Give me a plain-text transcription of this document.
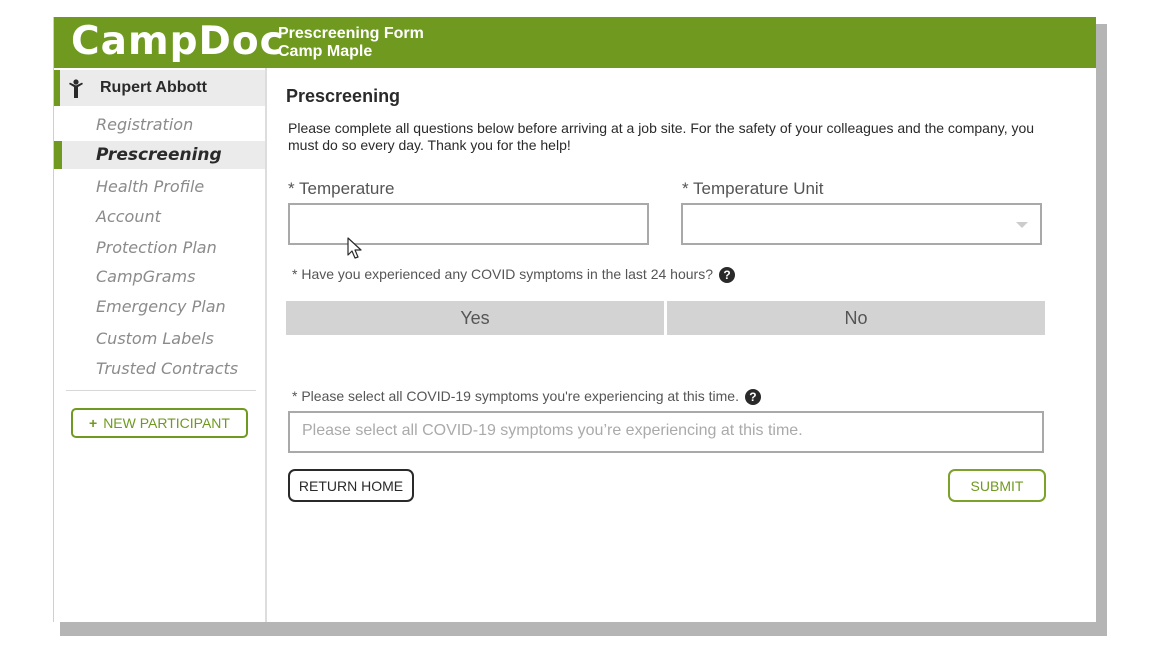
CampDoc
Prescreening Form
Camp Maple
Rupert Abbott
Registration
Prescreening
Health Profile
Account
Protection Plan
CampGrams
Emergency Plan
Custom Labels
Trusted Contracts
+ NEW PARTICIPANT
Prescreening
Please complete all questions below before arriving at a job site. For the safety of your colleagues and the company, you must do so every day. Thank you for the help!
* Temperature	* Temperature Unit
* Have you experienced any COVID symptoms in the last 24 hours? ?
Yes	No
* Please select all COVID-19 symptoms you're experiencing at this time. ?
Please select all COVID-19 symptoms you’re experiencing at this time.
RETURN HOME	SUBMIT
